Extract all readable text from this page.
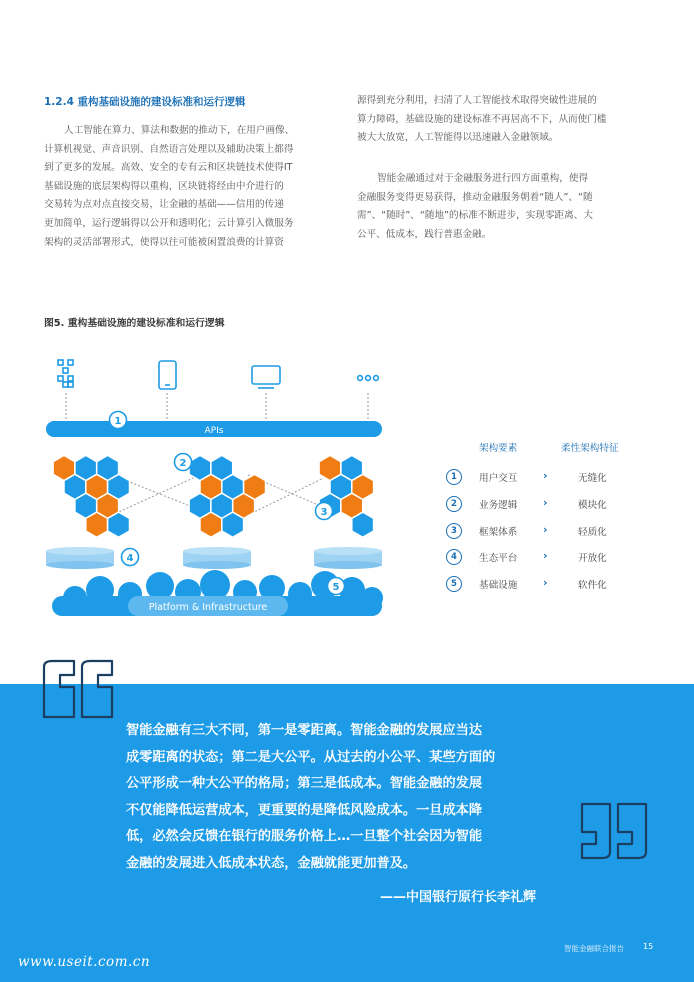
1.2.4 重构基础设施的建设标准和运行逻辑
人工智能在算力、算法和数据的推动下，在用户画像、
计算机视觉、声音识别、自然语言处理以及辅助决策上都得
到了更多的发展。高效、安全的专有云和区块链技术使得IT
基础设施的底层架构得以重构，区块链将经由中介进行的
交易转为点对点直接交易，让金融的基础——信用的传递
更加简单，运行逻辑得以公开和透明化；云计算引入微服务
架构的灵活部署形式，使得以往可能被闲置浪费的计算资
源得到充分利用，扫清了人工智能技术取得突破性进展的
算力障碍，基础设施的建设标准不再居高不下，从而使门槛
被大大放宽，人工智能得以迅速融入金融领域。
智能金融通过对于金融服务进行四方面重构，使得
金融服务变得更易获得，推动金融服务朝着“随人”、“随
需”、“随时”、“随地”的标准不断进步，实现零距离、大
公平、低成本，践行普惠金融。
图5. 重构基础设施的建设标准和运行逻辑
APIs
Platform & Infrastructure
1
2
3
4
5
架构要素	柔性架构特征
1	用户交互 ›	无缝化
2	业务逻辑 ›	模块化
3	框架体系 ›	轻质化
4	生态平台 ›	开放化
5	基础设施 ›	软件化
智能金融有三大不同，第一是零距离。智能金融的发展应当达
成零距离的状态；第二是大公平。从过去的小公平、某些方面的
公平形成一种大公平的格局；第三是低成本。智能金融的发展
不仅能降低运营成本，更重要的是降低风险成本。一旦成本降
低，必然会反馈在银行的服务价格上…一旦整个社会因为智能
金融的发展进入低成本状态，金融就能更加普及。
——中国银行原行长李礼辉
智能金融联合报告 15
www.useit.com.cn
